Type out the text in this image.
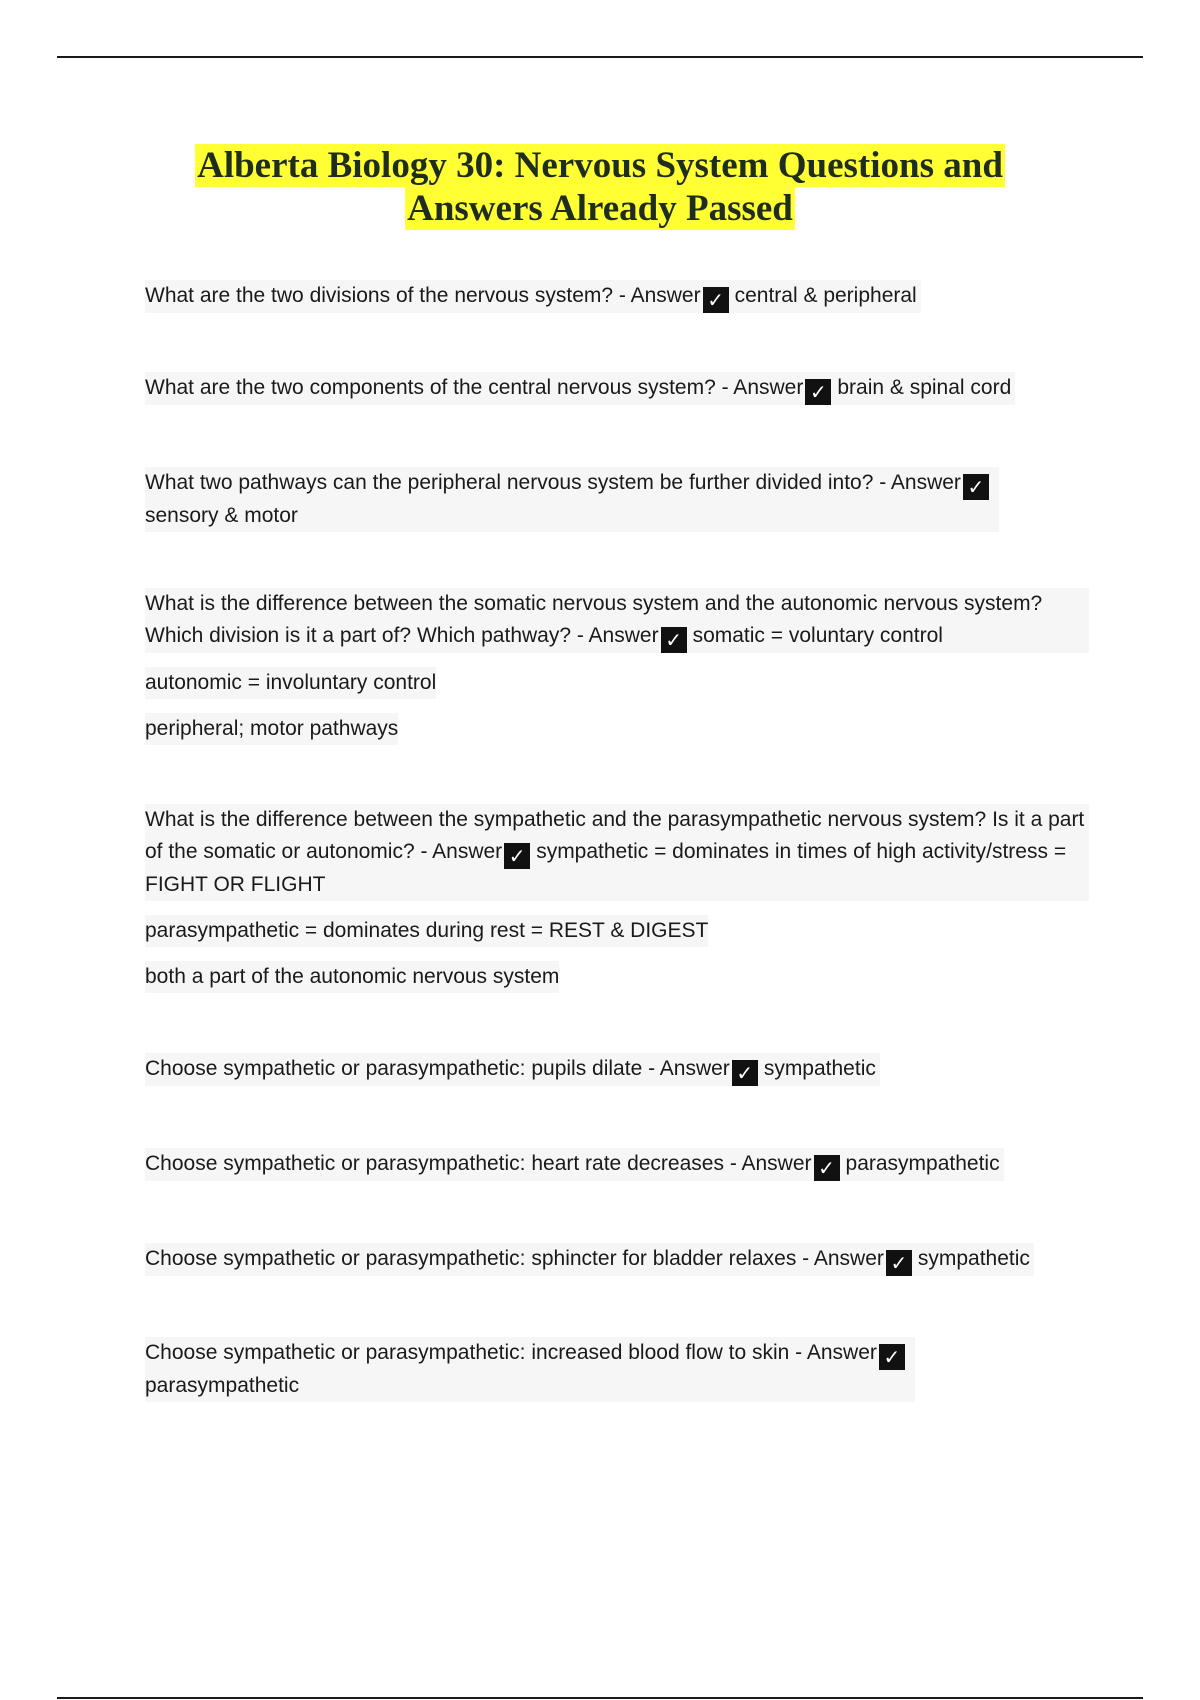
Alberta Biology 30: Nervous System Questions and
Answers Already Passed
What are the two divisions of the nervous system? - Answer ✓ central & peripheral
What are the two components of the central nervous system? - Answer ✓ brain & spinal cord
What two pathways can the peripheral nervous system be further divided into? - Answer ✓
sensory & motor
What is the difference between the somatic nervous system and the autonomic nervous system? Which division is it a part of? Which pathway? - Answer ✓ somatic = voluntary control
autonomic = involuntary control
peripheral; motor pathways
What is the difference between the sympathetic and the parasympathetic nervous system? Is it a part of the somatic or autonomic? - Answer ✓ sympathetic = dominates in times of high activity/stress = FIGHT OR FLIGHT
parasympathetic = dominates during rest = REST & DIGEST
both a part of the autonomic nervous system
Choose sympathetic or parasympathetic: pupils dilate - Answer ✓ sympathetic
Choose sympathetic or parasympathetic: heart rate decreases - Answer ✓ parasympathetic
Choose sympathetic or parasympathetic: sphincter for bladder relaxes - Answer ✓ sympathetic
Choose sympathetic or parasympathetic: increased blood flow to skin - Answer ✓
parasympathetic
